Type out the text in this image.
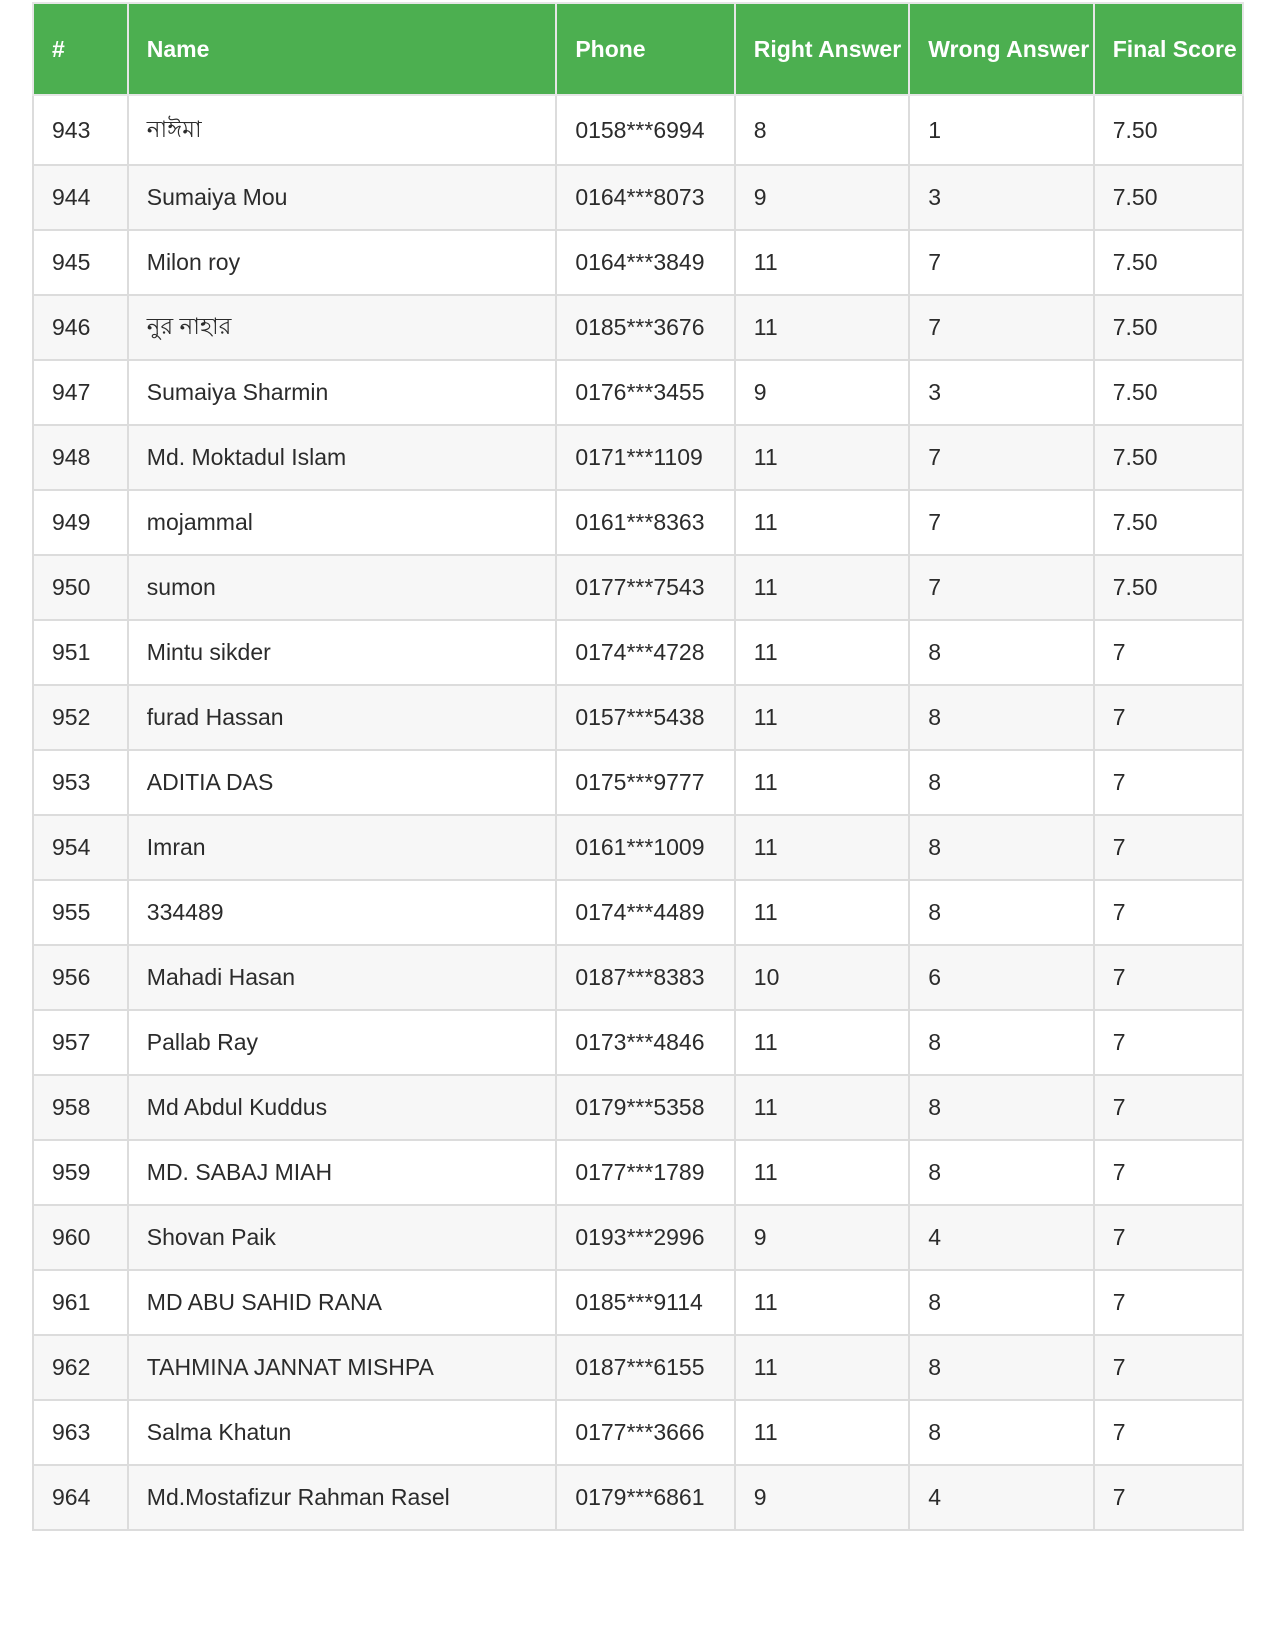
#	Name	Phone	Right Answer	Wrong Answer	Final Score
943	নাঈমা	0158***6994	8	1	7.50
944	Sumaiya Mou	0164***8073	9	3	7.50
945	Milon roy	0164***3849	11	7	7.50
946	নুর নাহার	0185***3676	11	7	7.50
947	Sumaiya Sharmin	0176***3455	9	3	7.50
948	Md. Moktadul Islam	0171***1109	11	7	7.50
949	mojammal	0161***8363	11	7	7.50
950	sumon	0177***7543	11	7	7.50
951	Mintu sikder	0174***4728	11	8	7
952	furad Hassan	0157***5438	11	8	7
953	ADITIA DAS	0175***9777	11	8	7
954	Imran	0161***1009	11	8	7
955	334489	0174***4489	11	8	7
956	Mahadi Hasan	0187***8383	10	6	7
957	Pallab Ray	0173***4846	11	8	7
958	Md Abdul Kuddus	0179***5358	11	8	7
959	MD. SABAJ MIAH	0177***1789	11	8	7
960	Shovan Paik	0193***2996	9	4	7
961	MD ABU SAHID RANA	0185***9114	11	8	7
962	TAHMINA JANNAT MISHPA	0187***6155	11	8	7
963	Salma Khatun	0177***3666	11	8	7
964	Md.Mostafizur Rahman Rasel	0179***6861	9	4	7
